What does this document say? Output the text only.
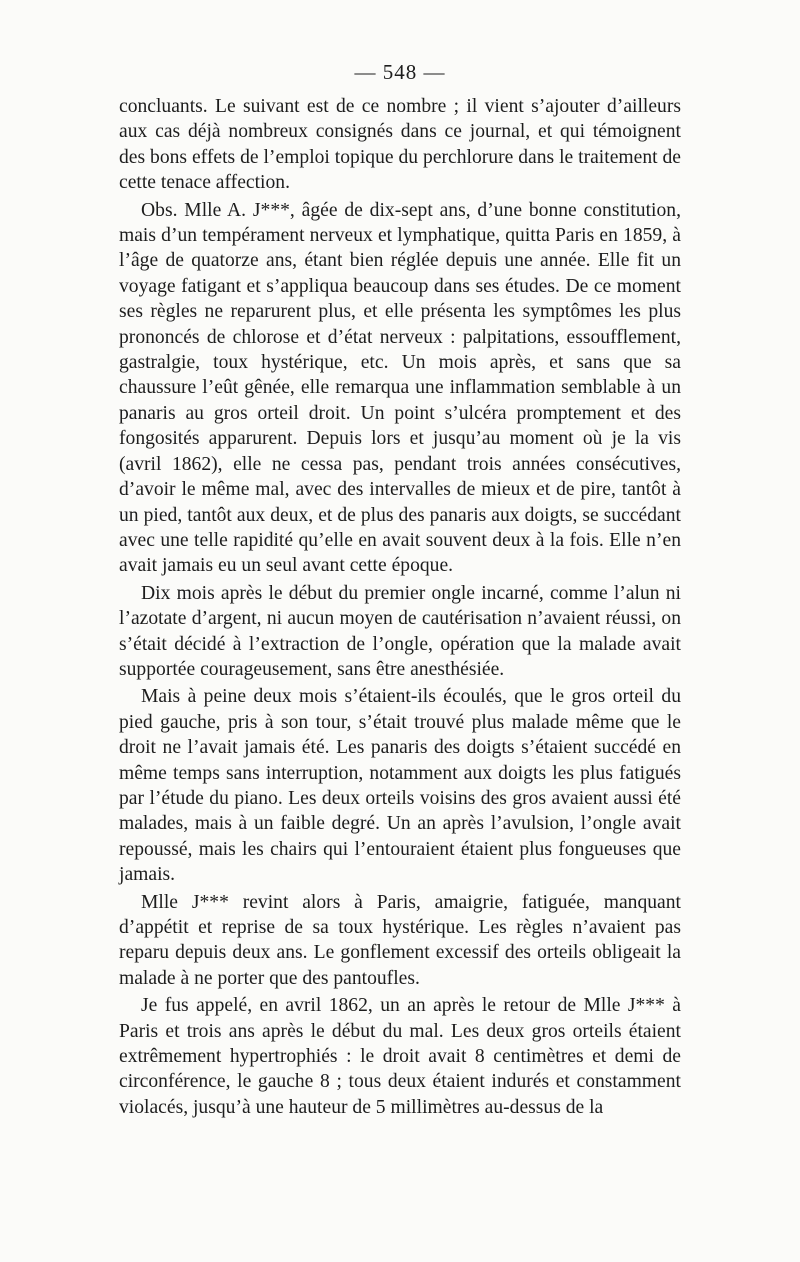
— 548 —

concluants. Le suivant est de ce nombre ; il vient s’ajouter d’ailleurs aux cas déjà nombreux consignés dans ce journal, et qui témoignent des bons effets de l’emploi topique du perchlorure dans le traitement de cette tenace affection.

Obs. Mlle A. J***, âgée de dix-sept ans, d’une bonne constitution, mais d’un tempérament nerveux et lymphatique, quitta Paris en 1859, à l’âge de quatorze ans, étant bien réglée depuis une année. Elle fit un voyage fatigant et s’appliqua beaucoup dans ses études. De ce moment ses règles ne reparurent plus, et elle présenta les symptômes les plus prononcés de chlorose et d’état nerveux : palpitations, essoufflement, gastralgie, toux hystérique, etc. Un mois après, et sans que sa chaussure l’eût gênée, elle remarqua une inflammation semblable à un panaris au gros orteil droit. Un point s’ulcéra promptement et des fongosités apparurent. Depuis lors et jusqu’au moment où je la vis (avril 1862), elle ne cessa pas, pendant trois années consécutives, d’avoir le même mal, avec des intervalles de mieux et de pire, tantôt à un pied, tantôt aux deux, et de plus des panaris aux doigts, se succédant avec une telle rapidité qu’elle en avait souvent deux à la fois. Elle n’en avait jamais eu un seul avant cette époque.

Dix mois après le début du premier ongle incarné, comme l’alun ni l’azotate d’argent, ni aucun moyen de cautérisation n’avaient réussi, on s’était décidé à l’extraction de l’ongle, opération que la malade avait supportée courageusement, sans être anesthésiée.

Mais à peine deux mois s’étaient-ils écoulés, que le gros orteil du pied gauche, pris à son tour, s’était trouvé plus malade même que le droit ne l’avait jamais été. Les panaris des doigts s’étaient succédé en même temps sans interruption, notamment aux doigts les plus fatigués par l’étude du piano. Les deux orteils voisins des gros avaient aussi été malades, mais à un faible degré. Un an après l’avulsion, l’ongle avait repoussé, mais les chairs qui l’entouraient étaient plus fongueuses que jamais.

Mlle J*** revint alors à Paris, amaigrie, fatiguée, manquant d’appétit et reprise de sa toux hystérique. Les règles n’avaient pas reparu depuis deux ans. Le gonflement excessif des orteils obligeait la malade à ne porter que des pantoufles.

Je fus appelé, en avril 1862, un an après le retour de Mlle J*** à Paris et trois ans après le début du mal. Les deux gros orteils étaient extrêmement hypertrophiés : le droit avait 8 centimètres et demi de circonférence, le gauche 8 ; tous deux étaient indurés et constamment violacés, jusqu’à une hauteur de 5 millimètres au-dessus de la
